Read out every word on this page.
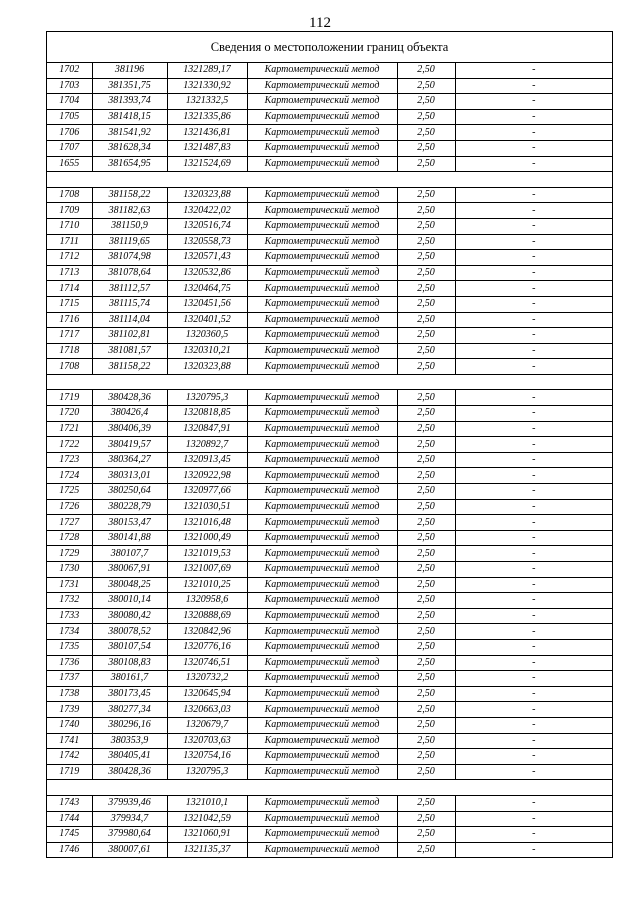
112
Сведения о местоположении границ объекта
1702	381196	1321289,17	Картометрический метод	2,50	-
1703	381351,75	1321330,92	Картометрический метод	2,50	-
1704	381393,74	1321332,5	Картометрический метод	2,50	-
1705	381418,15	1321335,86	Картометрический метод	2,50	-
1706	381541,92	1321436,81	Картометрический метод	2,50	-
1707	381628,34	1321487,83	Картометрический метод	2,50	-
1655	381654,95	1321524,69	Картометрический метод	2,50	-

1708	381158,22	1320323,88	Картометрический метод	2,50	-
1709	381182,63	1320422,02	Картометрический метод	2,50	-
1710	381150,9	1320516,74	Картометрический метод	2,50	-
1711	381119,65	1320558,73	Картометрический метод	2,50	-
1712	381074,98	1320571,43	Картометрический метод	2,50	-
1713	381078,64	1320532,86	Картометрический метод	2,50	-
1714	381112,57	1320464,75	Картометрический метод	2,50	-
1715	381115,74	1320451,56	Картометрический метод	2,50	-
1716	381114,04	1320401,52	Картометрический метод	2,50	-
1717	381102,81	1320360,5	Картометрический метод	2,50	-
1718	381081,57	1320310,21	Картометрический метод	2,50	-
1708	381158,22	1320323,88	Картометрический метод	2,50	-

1719	380428,36	1320795,3	Картометрический метод	2,50	-
1720	380426,4	1320818,85	Картометрический метод	2,50	-
1721	380406,39	1320847,91	Картометрический метод	2,50	-
1722	380419,57	1320892,7	Картометрический метод	2,50	-
1723	380364,27	1320913,45	Картометрический метод	2,50	-
1724	380313,01	1320922,98	Картометрический метод	2,50	-
1725	380250,64	1320977,66	Картометрический метод	2,50	-
1726	380228,79	1321030,51	Картометрический метод	2,50	-
1727	380153,47	1321016,48	Картометрический метод	2,50	-
1728	380141,88	1321000,49	Картометрический метод	2,50	-
1729	380107,7	1321019,53	Картометрический метод	2,50	-
1730	380067,91	1321007,69	Картометрический метод	2,50	-
1731	380048,25	1321010,25	Картометрический метод	2,50	-
1732	380010,14	1320958,6	Картометрический метод	2,50	-
1733	380080,42	1320888,69	Картометрический метод	2,50	-
1734	380078,52	1320842,96	Картометрический метод	2,50	-
1735	380107,54	1320776,16	Картометрический метод	2,50	-
1736	380108,83	1320746,51	Картометрический метод	2,50	-
1737	380161,7	1320732,2	Картометрический метод	2,50	-
1738	380173,45	1320645,94	Картометрический метод	2,50	-
1739	380277,34	1320663,03	Картометрический метод	2,50	-
1740	380296,16	1320679,7	Картометрический метод	2,50	-
1741	380353,9	1320703,63	Картометрический метод	2,50	-
1742	380405,41	1320754,16	Картометрический метод	2,50	-
1719	380428,36	1320795,3	Картометрический метод	2,50	-

1743	379939,46	1321010,1	Картометрический метод	2,50	-
1744	379934,7	1321042,59	Картометрический метод	2,50	-
1745	379980,64	1321060,91	Картометрический метод	2,50	-
1746	380007,61	1321135,37	Картометрический метод	2,50	-
